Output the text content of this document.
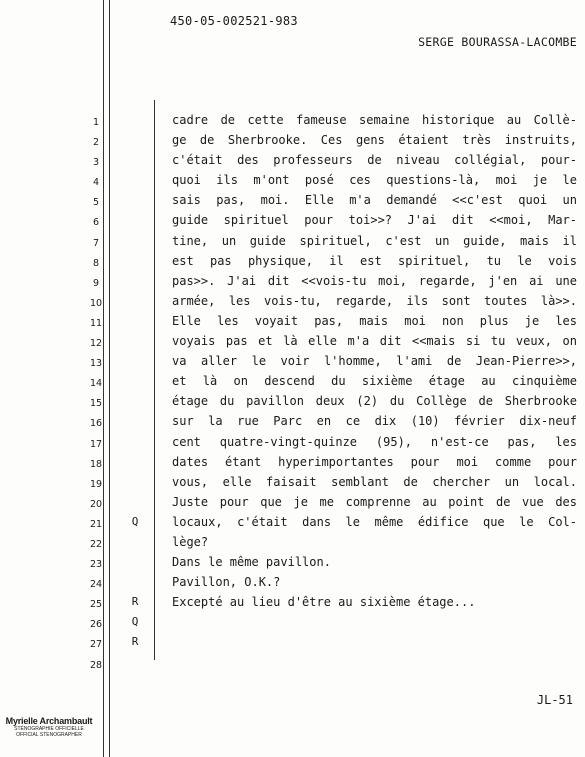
450-05-002521-983
SERGE BOURASSA-LACOMBE
1
2
3
4
5
6
7
8
9
10
11
12
13
14
15
16
17
18
19
20
21
22
23
24
25
26
27
28
Q
R
Q
R
cadre de cette fameuse semaine historique au Collè-
ge de Sherbrooke. Ces gens étaient très instruits,
c'était des professeurs de niveau collégial, pour-
quoi ils m'ont posé ces questions-là, moi je le
sais pas, moi. Elle m'a demandé <<c'est quoi un
guide spirituel pour toi>>? J'ai dit <<moi, Mar-
tine, un guide spirituel, c'est un guide, mais il
est pas physique, il est spirituel, tu le vois
pas>>. J'ai dit <<vois-tu moi, regarde, j'en ai une
armée, les vois-tu, regarde, ils sont toutes là>>.
Elle les voyait pas, mais moi non plus je les
voyais pas et là elle m'a dit <<mais si tu veux, on
va aller le voir l'homme, l'ami de Jean-Pierre>>,
et là on descend du sixième étage au cinquième
étage du pavillon deux (2) du Collège de Sherbrooke
sur la rue Parc en ce dix (10) février dix-neuf
cent quatre-vingt-quinze (95), n'est-ce pas, les
dates étant hyperimportantes pour moi comme pour
vous, elle faisait semblant de chercher un local.
Juste pour que je me comprenne au point de vue des
locaux, c'était dans le même édifice que le Col-
lège?
Dans le même pavillon.
Pavillon, O.K.?
Excepté au lieu d'être au sixième étage...
JL-51
Myrielle Archambault
STÉNOGRAPHIE OFFICIELLE
OFFICIAL STENOGRAPHER
